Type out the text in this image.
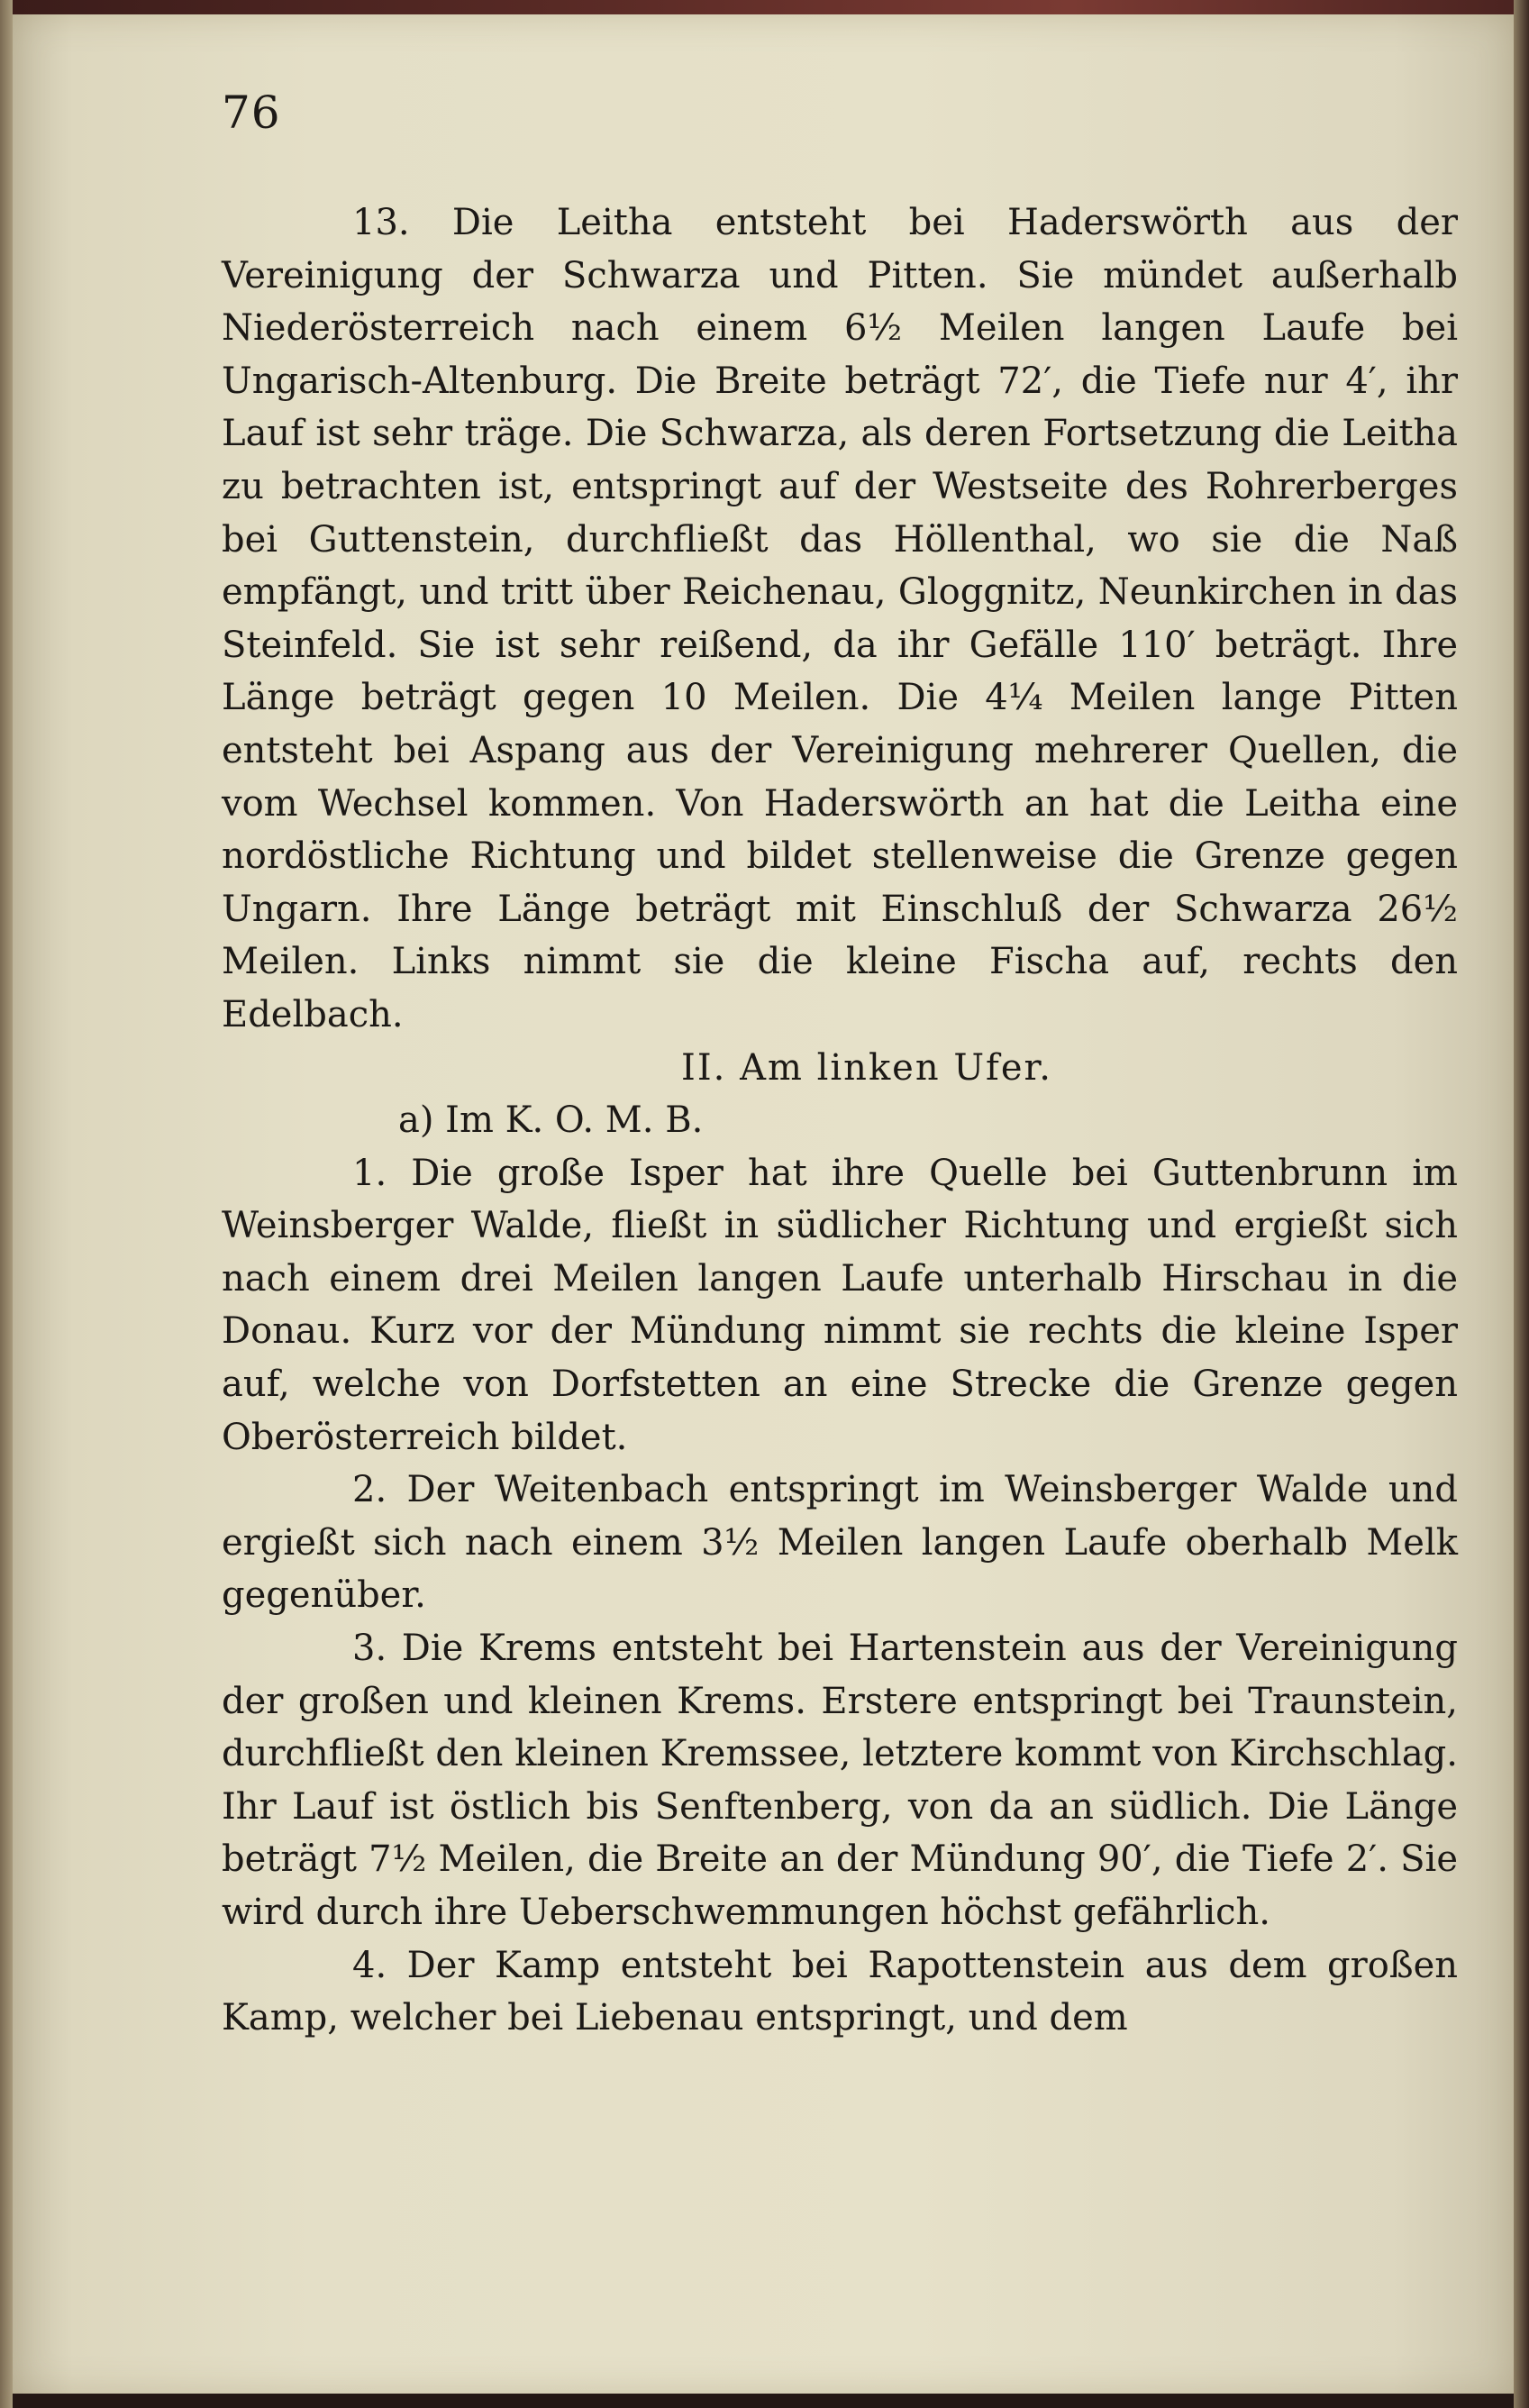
76

13. Die Leitha entsteht bei Haderswörth aus der Vereinigung der Schwarza und Pitten. Sie mündet außerhalb Niederösterreich nach einem 6½ Meilen langen Laufe bei Ungarisch-Altenburg. Die Breite beträgt 72′, die Tiefe nur 4′, ihr Lauf ist sehr träge. Die Schwarza, als deren Fortsetzung die Leitha zu betrachten ist, entspringt auf der Westseite des Rohrerberges bei Guttenstein, durchfließt das Höllenthal, wo sie die Naß empfängt, und tritt über Reichenau, Gloggnitz, Neunkirchen in das Steinfeld. Sie ist sehr reißend, da ihr Gefälle 110′ beträgt. Ihre Länge beträgt gegen 10 Meilen. Die 4¼ Meilen lange Pitten entsteht bei Aspang aus der Vereinigung mehrerer Quellen, die vom Wechsel kommen. Von Haderswörth an hat die Leitha eine nordöstliche Richtung und bildet stellenweise die Grenze gegen Ungarn. Ihre Länge beträgt mit Einschluß der Schwarza 26½ Meilen. Links nimmt sie die kleine Fischa auf, rechts den Edelbach.

II. Am linken Ufer.

a) Im K. O. M. B.

1. Die große Isper hat ihre Quelle bei Guttenbrunn im Weinsberger Walde, fließt in südlicher Richtung und ergießt sich nach einem drei Meilen langen Laufe unterhalb Hirschau in die Donau. Kurz vor der Mündung nimmt sie rechts die kleine Isper auf, welche von Dorfstetten an eine Strecke die Grenze gegen Oberösterreich bildet.

2. Der Weitenbach entspringt im Weinsberger Walde und ergießt sich nach einem 3½ Meilen langen Laufe oberhalb Melk gegenüber.

3. Die Krems entsteht bei Hartenstein aus der Vereinigung der großen und kleinen Krems. Erstere entspringt bei Traunstein, durchfließt den kleinen Kremssee, letztere kommt von Kirchschlag. Ihr Lauf ist östlich bis Senftenberg, von da an südlich. Die Länge beträgt 7½ Meilen, die Breite an der Mündung 90′, die Tiefe 2′. Sie wird durch ihre Ueberschwemmungen höchst gefährlich.

4. Der Kamp entsteht bei Rapottenstein aus dem großen Kamp, welcher bei Liebenau entspringt, und dem
